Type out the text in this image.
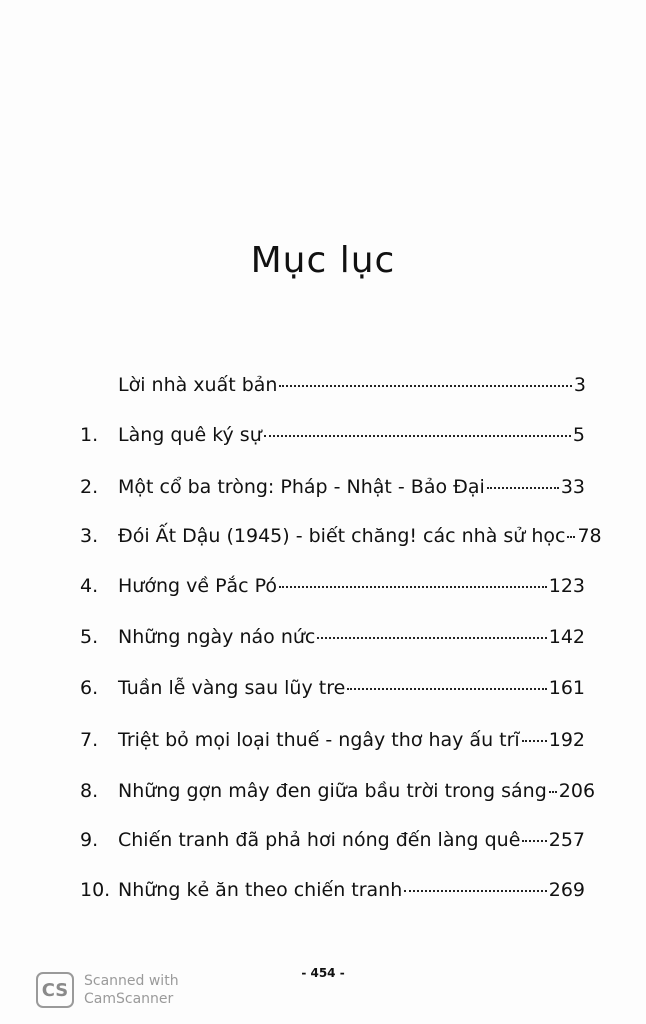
Mục lục
Lời nhà xuất bản	3
1.	Làng quê ký sự	5
2.	Một cổ ba tròng: Pháp - Nhật - Bảo Đại	33
3.	Đói Ất Dậu (1945) - biết chăng! các nhà sử học 78
4.	Hướng về Pắc Pó	123
5.	Những ngày náo nức	142
6.	Tuần lễ vàng sau lũy tre	161
7.	Triệt bỏ mọi loại thuế - ngây thơ hay ấu trĩ 192
8.	Những gợn mây đen giữa bầu trời trong sáng 206
9.	Chiến tranh đã phả hơi nóng đến làng quê 257
10. Những kẻ ăn theo chiến tranh	269
- 454 -
CS	Scanned with
CamScanner
